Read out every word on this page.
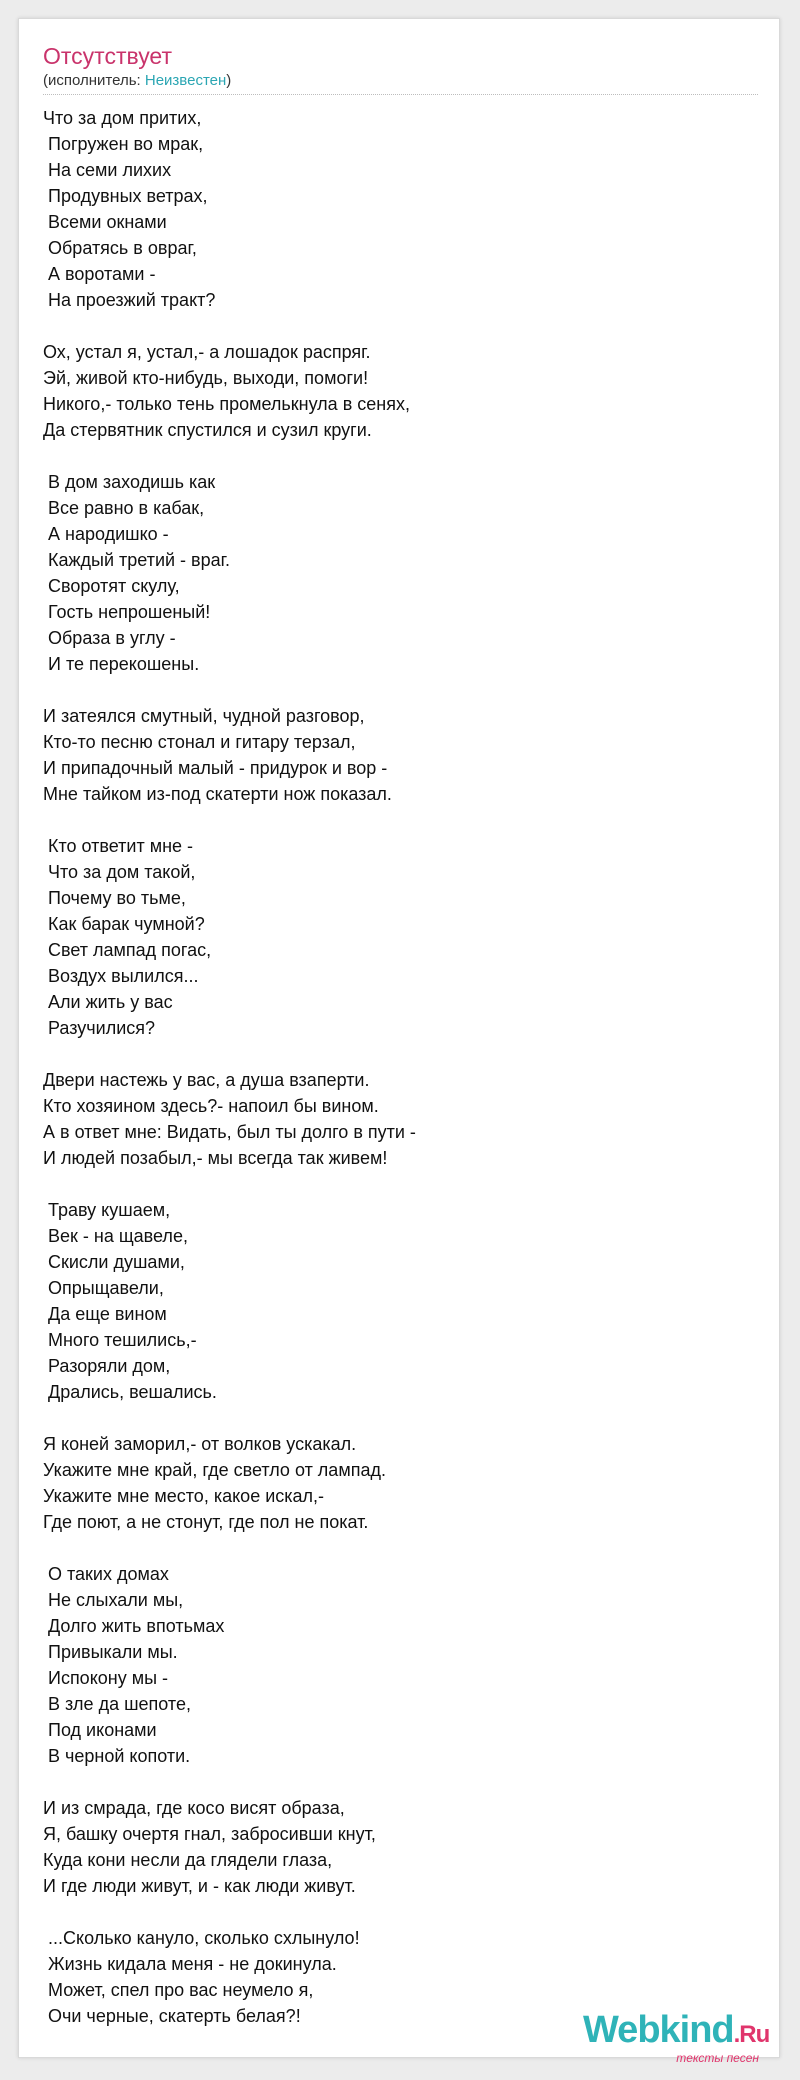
Отсутствует
(исполнитель: Неизвестен)
Что за дом притих,
Погружен во мрак,
На семи лихих
Продувных ветрах,
Всеми окнами
Обратясь в овраг,
А воротами -
На проезжий тракт?
Ох, устал я, устал,- а лошадок распряг.
Эй, живой кто-нибудь, выходи, помоги!
Никого,- только тень промелькнула в сенях,
Да стервятник спустился и сузил круги.
В дом заходишь как
Все равно в кабак,
А народишко -
Каждый третий - враг.
Своротят скулу,
Гость непрошеный!
Образа в углу -
И те перекошены.
И затеялся смутный, чудной разговор,
Кто-то песню стонал и гитару терзал,
И припадочный малый - придурок и вор -
Мне тайком из-под скатерти нож показал.
Кто ответит мне -
Что за дом такой,
Почему во тьме,
Как барак чумной?
Свет лампад погас,
Воздух вылился...
Али жить у вас
Разучилися?
Двери настежь у вас, а душа взаперти.
Кто хозяином здесь?- напоил бы вином.
А в ответ мне: Видать, был ты долго в пути -
И людей позабыл,- мы всегда так живем!
Траву кушаем,
Век - на щавеле,
Скисли душами,
Опрыщавели,
Да еще вином
Много тешились,-
Разоряли дом,
Дрались, вешались.
Я коней заморил,- от волков ускакал.
Укажите мне край, где светло от лампад.
Укажите мне место, какое искал,-
Где поют, а не стонут, где пол не покат.
О таких домах
Не слыхали мы,
Долго жить впотьмах
Привыкали мы.
Испокону мы -
В зле да шепоте,
Под иконами
В черной копоти.
И из смрада, где косо висят образа,
Я, башку очертя гнал, забросивши кнут,
Куда кони несли да глядели глаза,
И где люди живут, и - как люди живут.
...Сколько кануло, сколько схлынуло!
Жизнь кидала меня - не докинула.
Может, спел про вас неумело я,
Очи черные, скатерть белая?!	Webkind.Ru
тексты песен
